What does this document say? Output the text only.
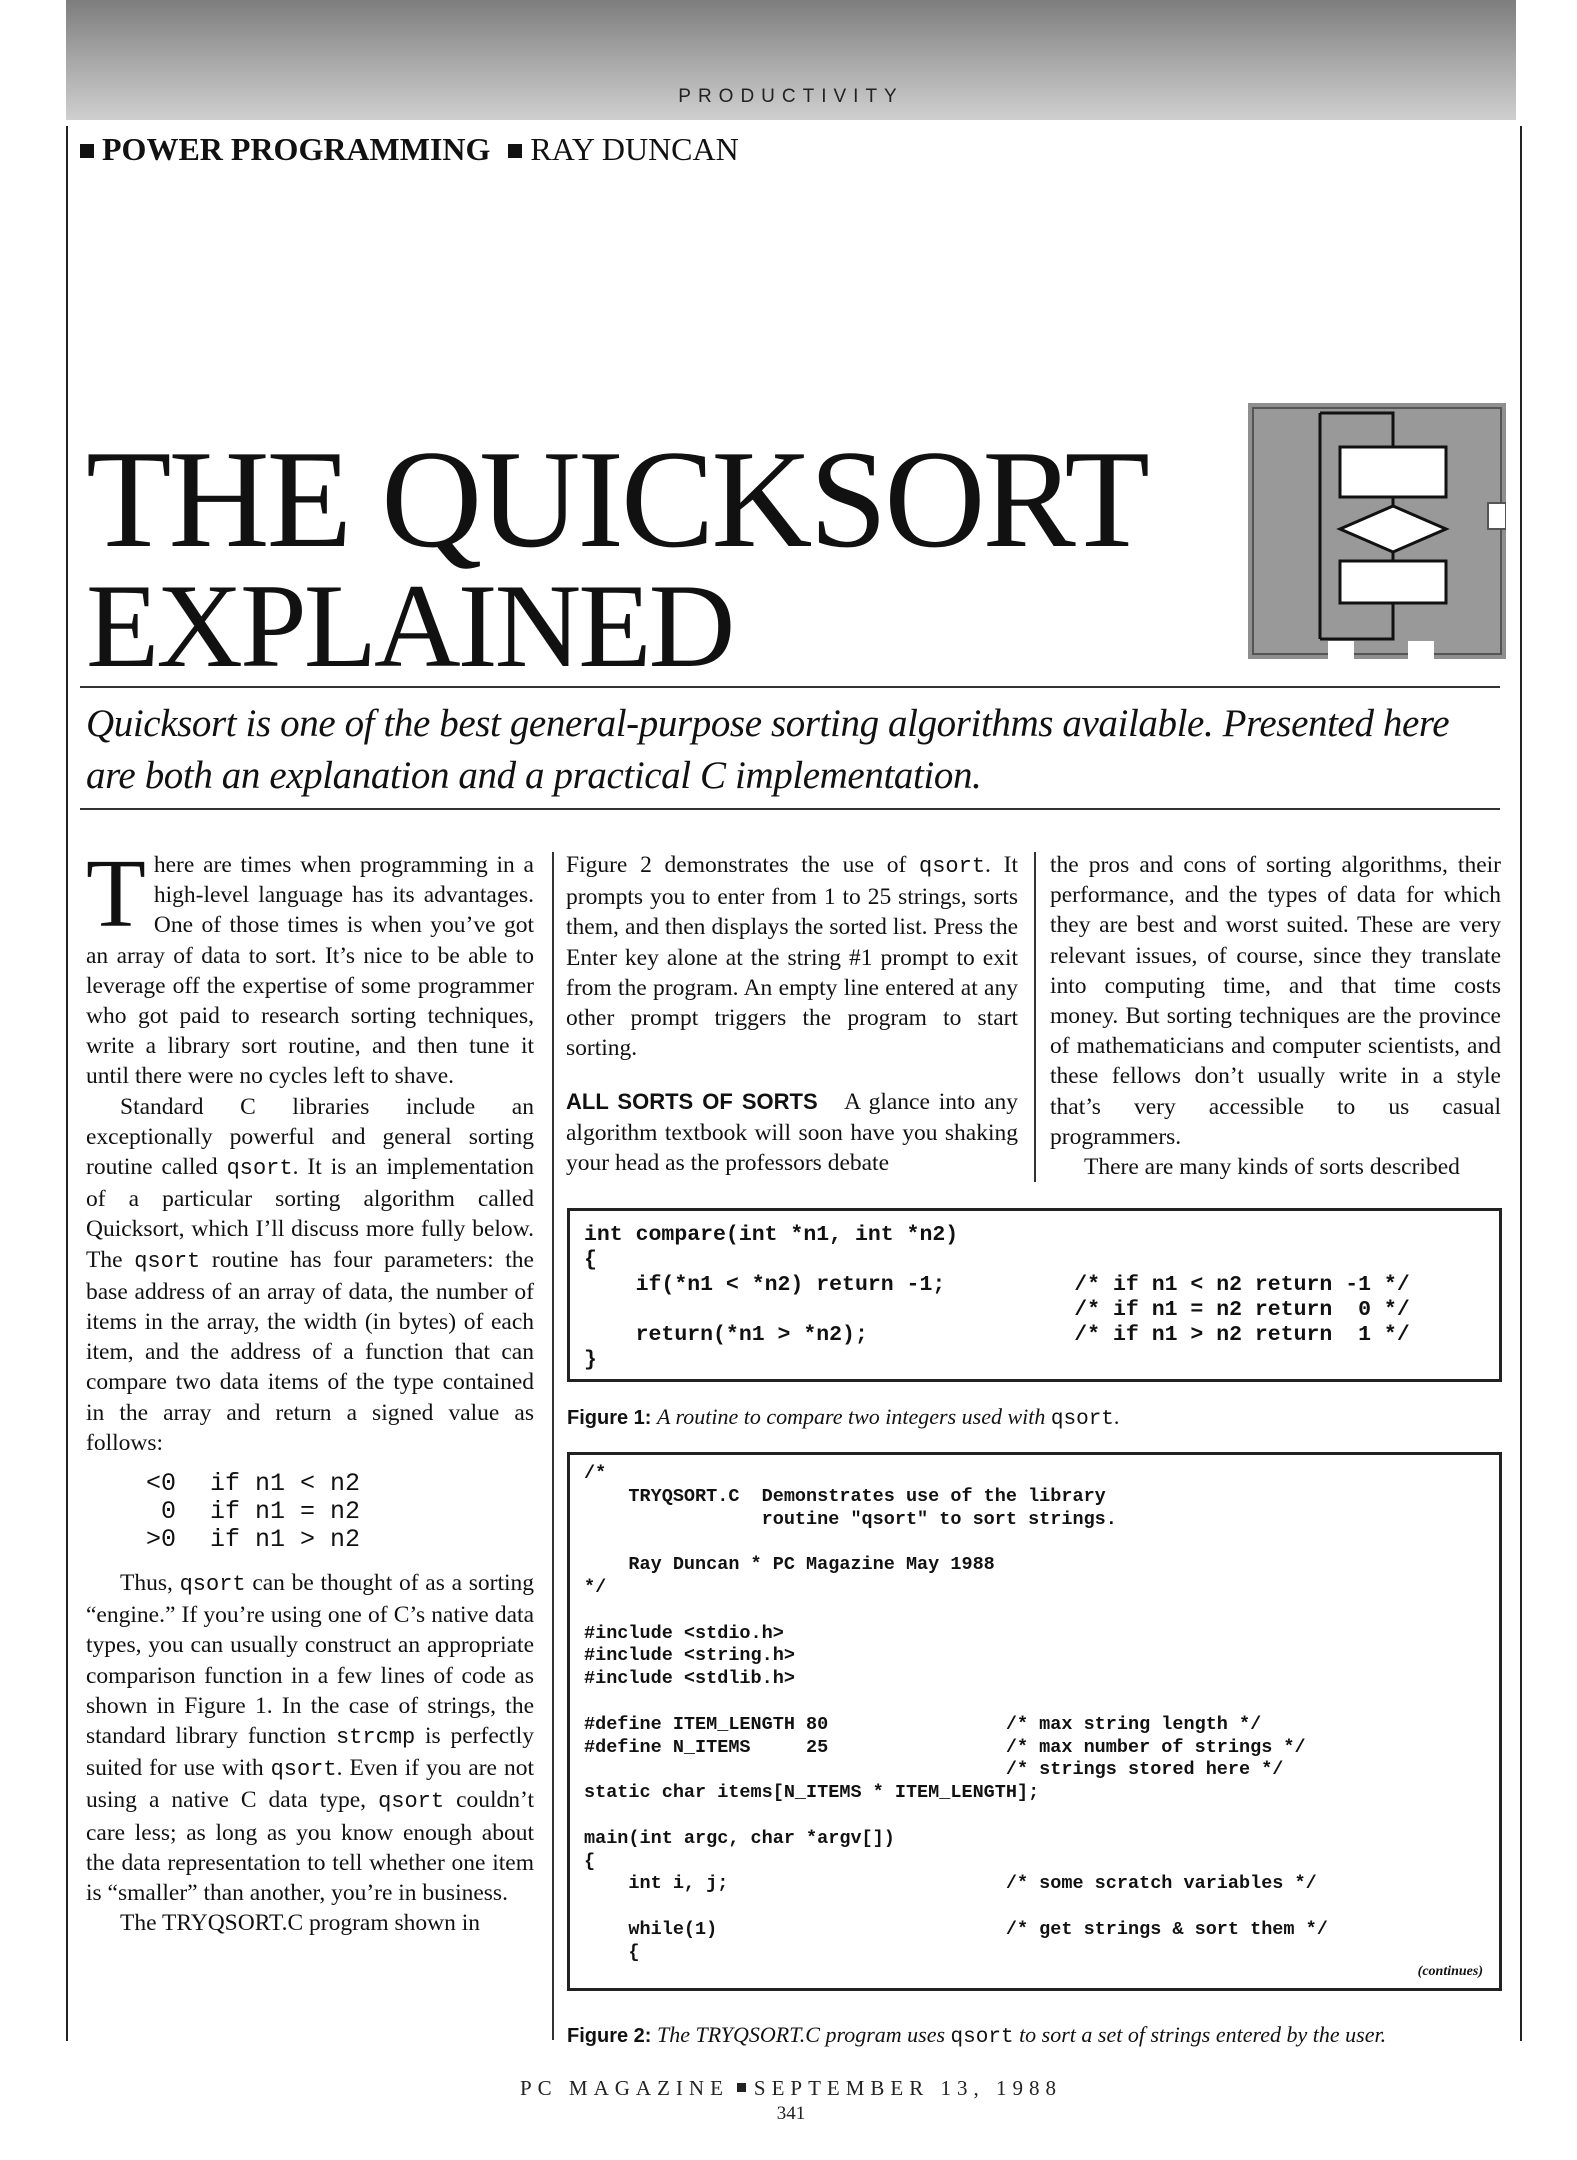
PRODUCTIVITY
POWER PROGRAMMING RAY DUNCAN
THE QUICKSORT
EXPLAINED
Quicksort is one of the best general-purpose sorting algorithms available. Presented here are both an explanation and a practical C implementation.

There are times when programming in a high-level language has its advantages. One of those times is when you’ve got an array of data to sort. It’s nice to be able to leverage off the expertise of some programmer who got paid to research sorting techniques, write a library sort routine, and then tune it until there were no cycles left to shave.

Standard C libraries include an exceptionally powerful and general sorting routine called qsort. It is an implementation of a particular sorting algorithm called Quicksort, which I’ll discuss more fully below. The qsort routine has four parameters: the base address of an array of data, the number of items in the array, the width (in bytes) of each item, and the address of a function that can compare two data items of the type contained in the array and return a signed value as follows:

<0	if n1 < n2
0	if n1 = n2
>0	if n1 > n2

Thus, qsort can be thought of as a sorting “engine.” If you’re using one of C’s native data types, you can usually construct an appropriate comparison function in a few lines of code as shown in Figure 1. In the case of strings, the standard library function strcmp is perfectly suited for use with qsort. Even if you are not using a native C data type, qsort couldn’t care less; as long as you know enough about the data representation to tell whether one item is “smaller” than another, you’re in business.

The TRYQSORT.C program shown in

Figure 2 demonstrates the use of qsort. It prompts you to enter from 1 to 25 strings, sorts them, and then displays the sorted list. Press the Enter key alone at the string #1 prompt to exit from the program. An empty line entered at any other prompt triggers the program to start sorting.

ALL SORTS OF SORTS A glance into any algorithm textbook will soon have you shaking your head as the professors debate

the pros and cons of sorting algorithms, their performance, and the types of data for which they are best and worst suited. These are very relevant issues, of course, since they translate into computing time, and that time costs money. But sorting techniques are the province of mathematicians and computer scientists, and these fellows don’t usually write in a style that’s very accessible to us casual programmers.

There are many kinds of sorts described

int compare(int *n1, int *n2)
{
if(*n1 < *n2) return -1;          /* if n1 < n2 return -1 */
/* if n1 = n2 return  0 */
return(*n1 > *n2);                /* if n1 > n2 return  1 */
}
Figure 1: A routine to compare two integers used with qsort.
/*
TRYQSORT.C  Demonstrates use of the library
routine "qsort" to sort strings.

Ray Duncan * PC Magazine May 1988
*/

#include <stdio.h>
#include <string.h>
#include <stdlib.h>

#define ITEM_LENGTH 80                /* max string length */
#define N_ITEMS     25                /* max number of strings */
/* strings stored here */
static char items[N_ITEMS * ITEM_LENGTH];

main(int argc, char *argv[])
{
int i, j;                         /* some scratch variables */

while(1)                          /* get strings & sort them */
{
(continues)
Figure 2: The TRYQSORT.C program uses qsort to sort a set of strings entered by the user.
PC MAGAZINE SEPTEMBER 13, 1988
341
